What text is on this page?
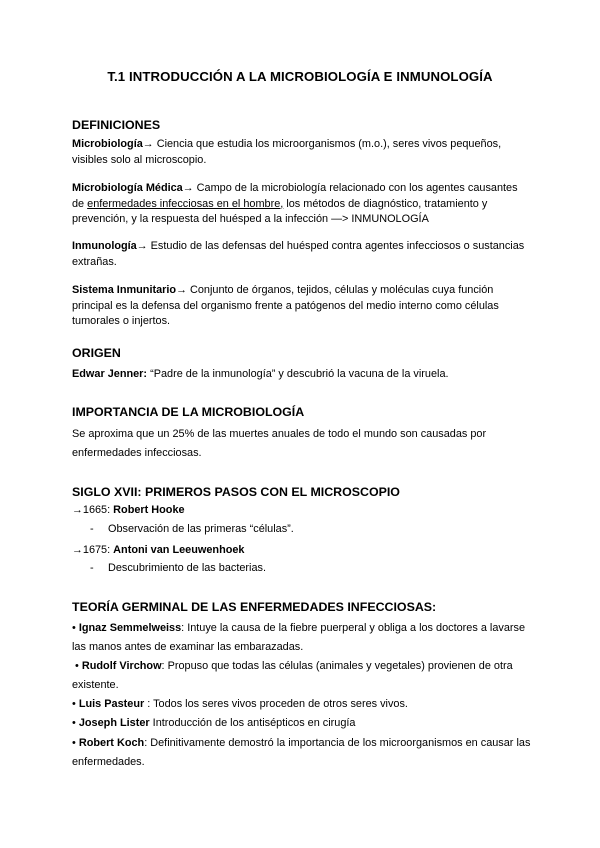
T.1 INTRODUCCIÓN A LA MICROBIOLOGÍA E INMUNOLOGÍA
DEFINICIONES
Microbiología→ Ciencia que estudia los microorganismos (m.o.), seres vivos pequeños, visibles solo al microscopio.
Microbiología Médica→ Campo de la microbiología relacionado con los agentes causantes de enfermedades infecciosas en el hombre, los métodos de diagnóstico, tratamiento y prevención, y la respuesta del huésped a la infección —> INMUNOLOGÍA
Inmunología→ Estudio de las defensas del huésped contra agentes infecciosos o sustancias extrañas.
Sistema Inmunitario→ Conjunto de órganos, tejidos, células y moléculas cuya función principal es la defensa del organismo frente a patógenos del medio interno como células tumorales o injertos.
ORIGEN
Edwar Jenner: “Padre de la inmunología” y descubrió la vacuna de la viruela.
IMPORTANCIA DE LA MICROBIOLOGÍA
Se aproxima que un 25% de las muertes anuales de todo el mundo son causadas por enfermedades infecciosas.
SIGLO XVII: PRIMEROS PASOS CON EL MICROSCOPIO
→1665: Robert Hooke
- Observación de las primeras “células”.
→1675: Antoni van Leeuwenhoek
- Descubrimiento de las bacterias.
TEORÍA GERMINAL DE LAS ENFERMEDADES INFECCIOSAS:
• Ignaz Semmelweiss: Intuye la causa de la fiebre puerperal y obliga a los doctores a lavarse las manos antes de examinar las embarazadas.
• Rudolf Virchow: Propuso que todas las células (animales y vegetales) provienen de otra existente.
• Luis Pasteur : Todos los seres vivos proceden de otros seres vivos.
• Joseph Lister Introducción de los antisépticos en cirugía
• Robert Koch: Definitivamente demostró la importancia de los microorganismos en causar las enfermedades.
